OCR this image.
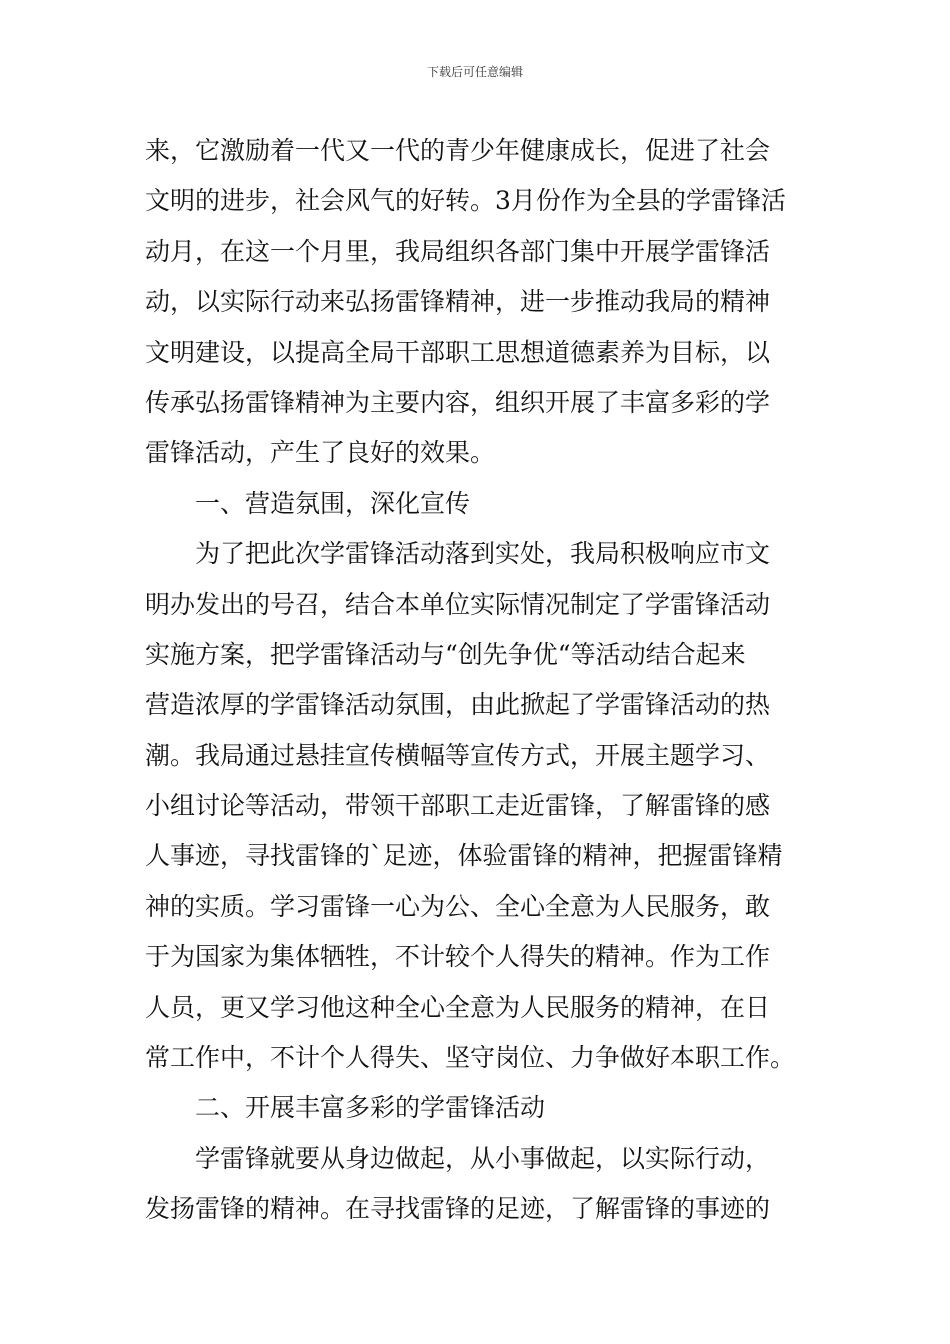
下载后可任意编辑
来，它激励着一代又一代的青少年健康成长，促进了社会
文明的进步，社会风气的好转。3月份作为全县的学雷锋活
动月，在这一个月里，我局组织各部门集中开展学雷锋活
动，以实际行动来弘扬雷锋精神，进一步推动我局的精神
文明建设，以提高全局干部职工思想道德素养为目标，以
传承弘扬雷锋精神为主要内容，组织开展了丰富多彩的学
雷锋活动，产生了良好的效果。
一、营造氛围，深化宣传
为了把此次学雷锋活动落到实处，我局积极响应市文
明办发出的号召，结合本单位实际情况制定了学雷锋活动
实施方案，把学雷锋活动与“创先争优“等活动结合起来
营造浓厚的学雷锋活动氛围，由此掀起了学雷锋活动的热
潮。我局通过悬挂宣传横幅等宣传方式，开展主题学习、
小组讨论等活动，带领干部职工走近雷锋，了解雷锋的感
人事迹，寻找雷锋的`足迹，体验雷锋的精神，把握雷锋精
神的实质。学习雷锋一心为公、全心全意为人民服务，敢
于为国家为集体牺牲，不计较个人得失的精神。作为工作
人员，更又学习他这种全心全意为人民服务的精神，在日
常工作中，不计个人得失、坚守岗位、力争做好本职工作。
二、开展丰富多彩的学雷锋活动
学雷锋就要从身边做起，从小事做起，以实际行动，
发扬雷锋的精神。在寻找雷锋的足迹，了解雷锋的事迹的
